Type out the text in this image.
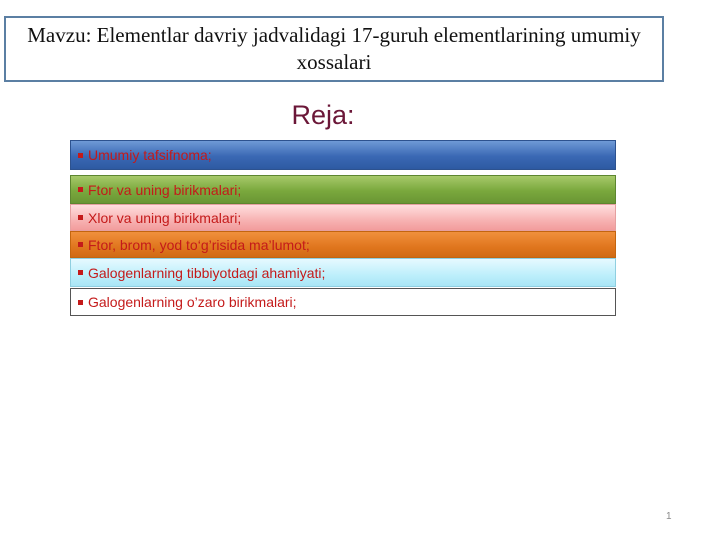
Mavzu: Elementlar davriy jadvalidagi 17-guruh elementlarining umumiy xossalari
Reja:
Umumiy tafsifnoma;
Ftor va uning birikmalari;
Xlor va uning birikmalari;
Ftor, brom, yod to‘g’risida ma’lumot;
Galogenlarning tibbiyotdagi ahamiyati;
Galogenlarning o’zaro birikmalari;
1
